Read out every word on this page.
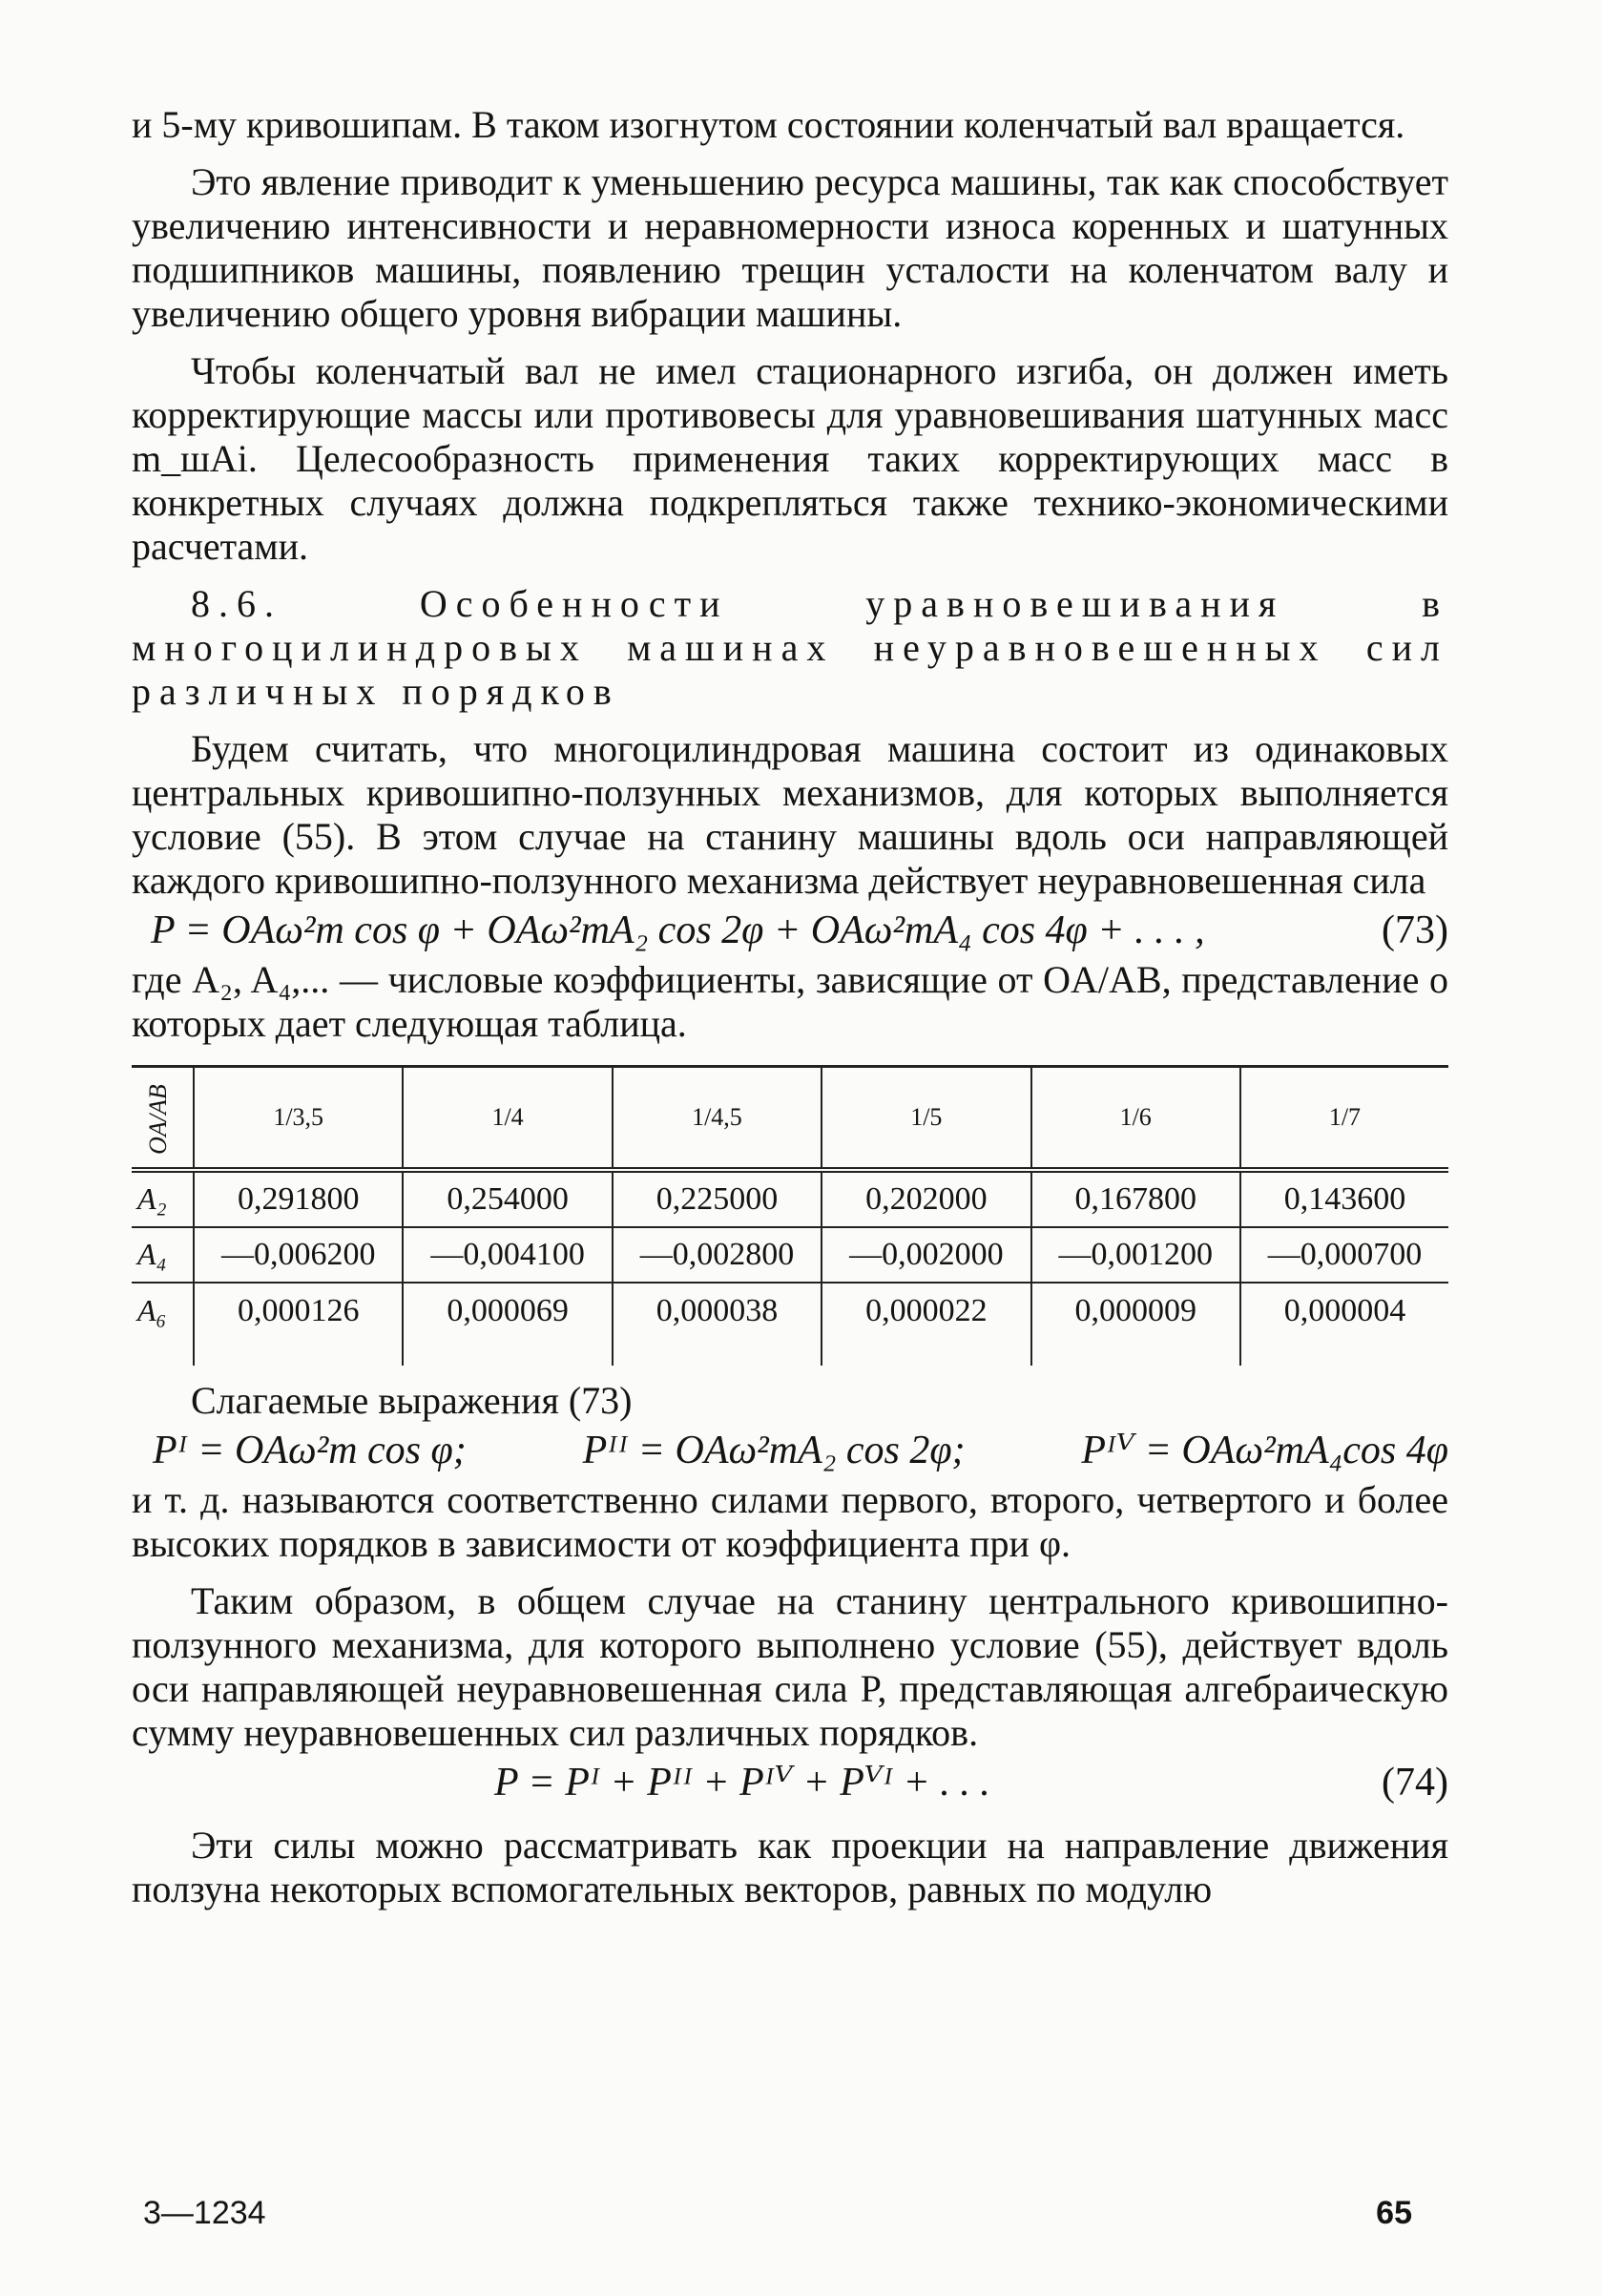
и 5-му кривошипам. В таком изогнутом состоянии коленчатый вал вращается.

Это явление приводит к уменьшению ресурса машины, так как способствует увеличению интенсивности и неравномерности износа коренных и шатунных подшипников машины, появлению трещин усталости на коленчатом валу и увеличению общего уровня вибрации машины.

Чтобы коленчатый вал не имел стационарного изгиба, он должен иметь корректирующие массы или противовесы для уравновешивания шатунных масс m_шAi. Целесообразность применения таких корректирующих масс в конкретных случаях должна подкрепляться также технико-экономическими расчетами.

8.6. Особенности уравновешивания в многоцилиндровых машинах неуравновешенных сил различных порядков

Будем считать, что многоцилиндровая машина состоит из одинаковых центральных кривошипно-ползунных механизмов, для которых выполняется условие (55). В этом случае на станину машины вдоль оси направляющей каждого кривошипно-ползунного механизма действует неуравновешенная сила

P = OAω²m cos φ + OAω²mA₂ cos 2φ + OAω²mA₄ cos 4φ + . . . ,	(73)

где A₂, A₄,... — числовые коэффициенты, зависящие от OA/AB, представление о которых дает следующая таблица.

OA/AB	1/3,5	1/4	1/4,5	1/5	1/6	1/7
A₂	0,291800	0,254000	0,225000	0,202000	0,167800	0,143600
A₄	—0,006200	—0,004100	—0,002800	—0,002000	—0,001200	—0,000700
A₆	0,000126	0,000069	0,000038	0,000022	0,000009	0,000004

Слагаемые выражения (73)

Pᴵ = OAω²m cos φ;	Pᴵᴵ = OAω²mA₂ cos 2φ;	Pᴵⱽ = OAω²mA₄cos 4φ

и т. д. называются соответственно силами первого, второго, четвертого и более высоких порядков в зависимости от коэффициента при φ.

Таким образом, в общем случае на станину центрального кривошипно-ползунного механизма, для которого выполнено условие (55), действует вдоль оси направляющей неуравновешенная сила P, представляющая алгебраическую сумму неуравновешенных сил различных порядков.

P = Pᴵ + Pᴵᴵ + Pᴵⱽ + Pⱽᴵ + . . .	(74)

Эти силы можно рассматривать как проекции на направление движения ползуна некоторых вспомогательных векторов, равных по модулю

3—1234	65
